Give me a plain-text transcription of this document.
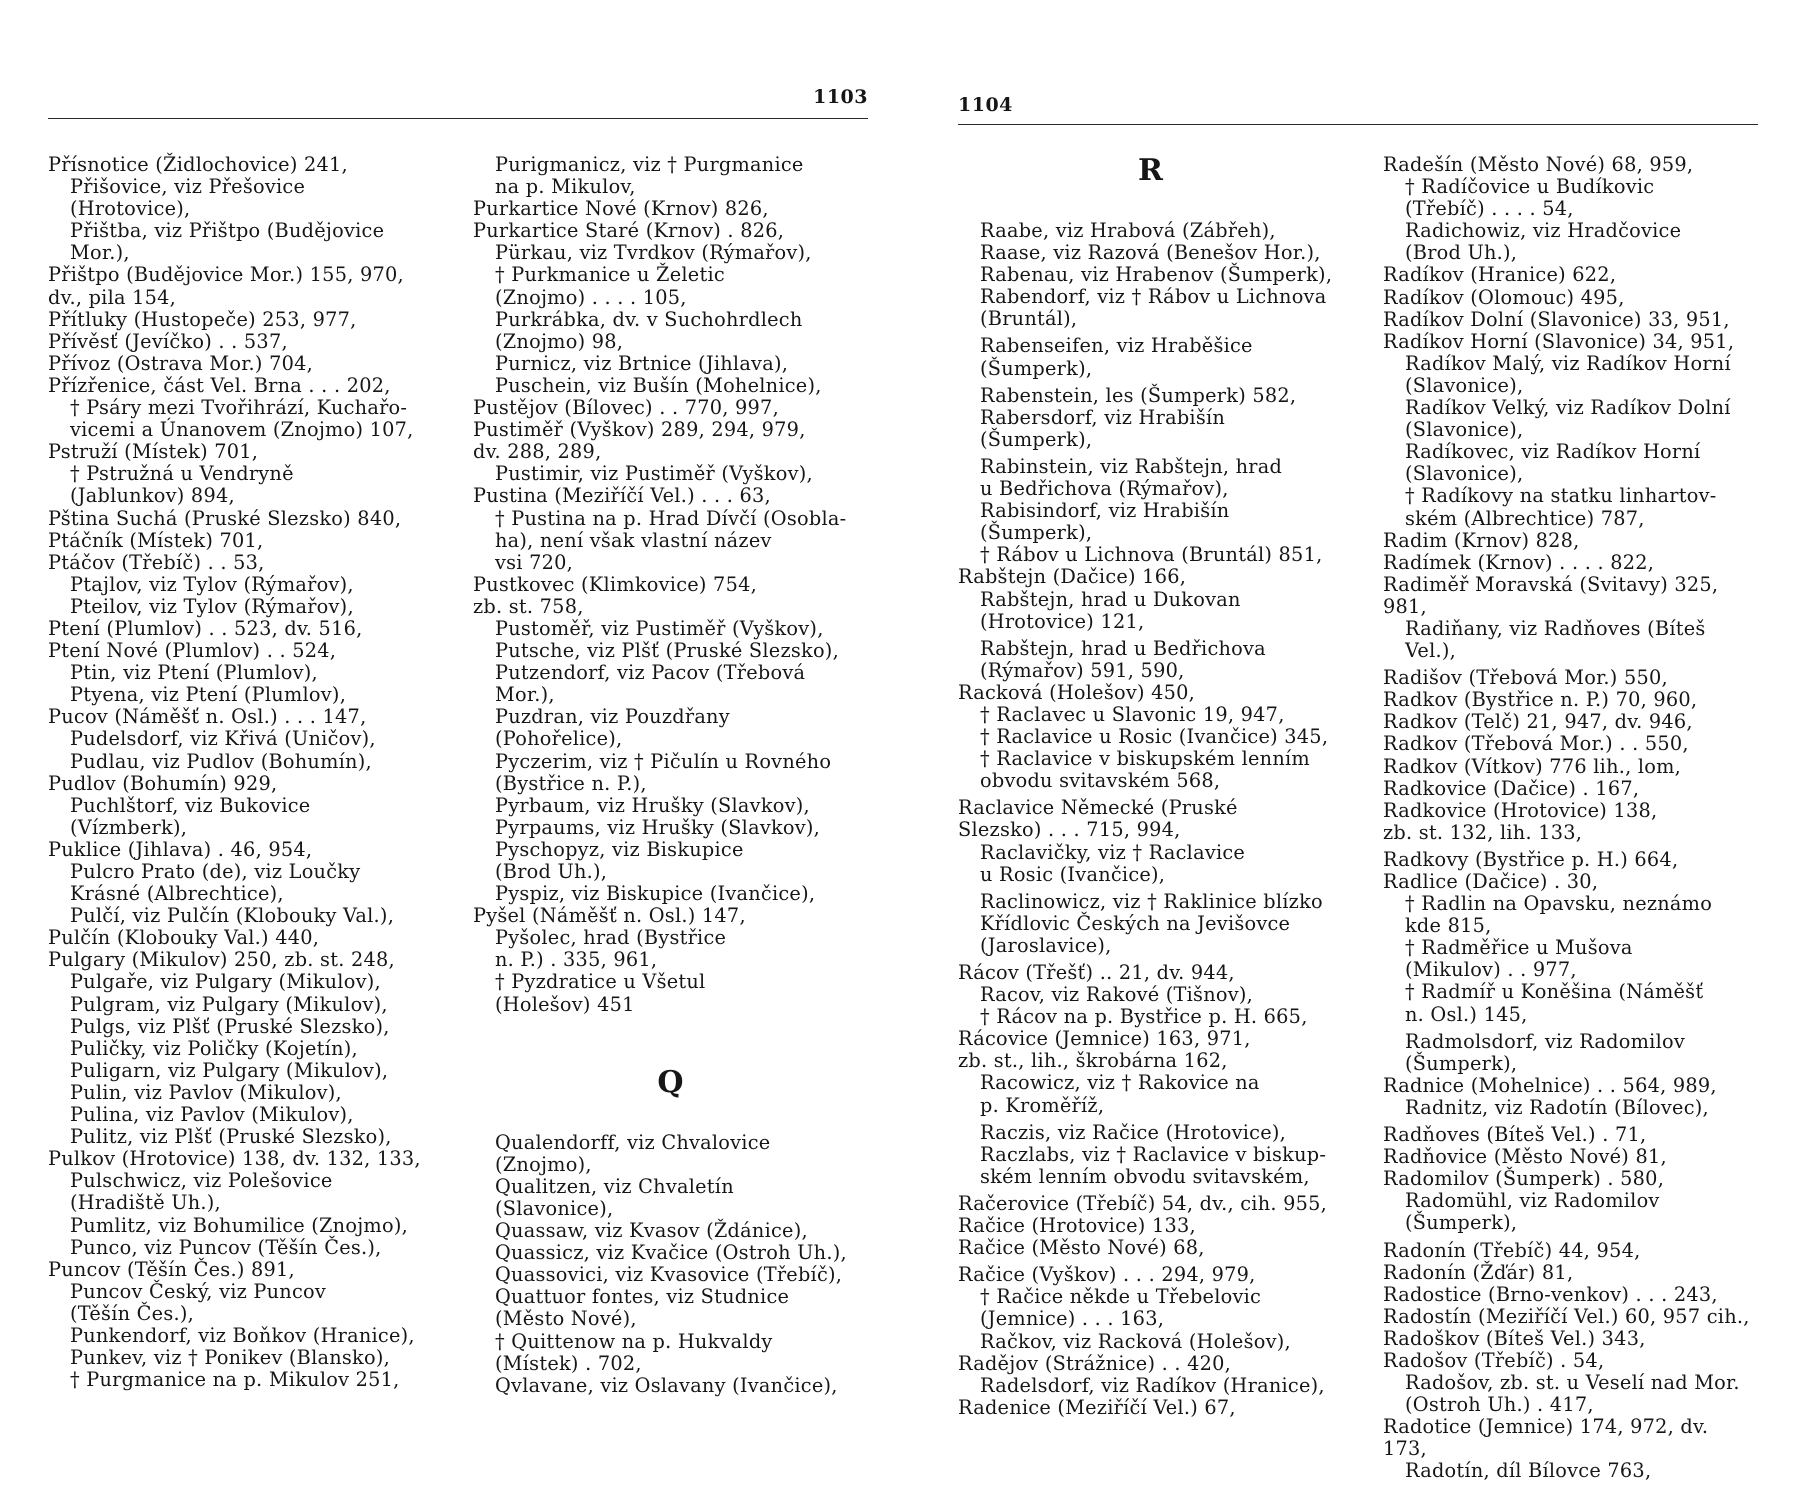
1103
Přísnotice (Židlochovice) 241,
Přišovice, viz Přešovice
(Hrotovice),
Přištba, viz Přištpo (Budějovice
Mor.),
Přištpo (Budějovice Mor.) 155, 970,
dv., pila 154,
Přítluky (Hustopeče) 253, 977,
Přívěsť (Jevíčko) . . 537,
Přívoz (Ostrava Mor.) 704,
Přízřenice, část Vel. Brna . . . 202,
† Psáry mezi Tvořihrází, Kuchařo-
vicemi a Únanovem (Znojmo) 107,
Pstruží (Místek) 701,
† Pstružná u Vendryně
(Jablunkov) 894,
Pština Suchá (Pruské Slezsko) 840,
Ptáčník (Místek) 701,
Ptáčov (Třebíč) . . 53,
Ptajlov, viz Tylov (Rýmařov),
Pteilov, viz Tylov (Rýmařov),
Ptení (Plumlov) . . 523, dv. 516,
Ptení Nové (Plumlov) . . 524,
Ptin, viz Ptení (Plumlov),
Ptyena, viz Ptení (Plumlov),
Pucov (Náměšť n. Osl.) . . . 147,
Pudelsdorf, viz Křivá (Uničov),
Pudlau, viz Pudlov (Bohumín),
Pudlov (Bohumín) 929,
Puchlštorf, viz Bukovice
(Vízmberk),
Puklice (Jihlava) . 46, 954,
Pulcro Prato (de), viz Loučky
Krásné (Albrechtice),
Pulčí, viz Pulčín (Klobouky Val.),
Pulčín (Klobouky Val.) 440,
Pulgary (Mikulov) 250, zb. st. 248,
Pulgaře, viz Pulgary (Mikulov),
Pulgram, viz Pulgary (Mikulov),
Pulgs, viz Plšť (Pruské Slezsko),
Puličky, viz Poličky (Kojetín),
Puligarn, viz Pulgary (Mikulov),
Pulin, viz Pavlov (Mikulov),
Pulina, viz Pavlov (Mikulov),
Pulitz, viz Plšť (Pruské Slezsko),
Pulkov (Hrotovice) 138, dv. 132, 133,
Pulschwicz, viz Polešovice
(Hradiště Uh.),
Pumlitz, viz Bohumilice (Znojmo),
Punco, viz Puncov (Těšín Čes.),
Puncov (Těšín Čes.) 891,
Puncov Český, viz Puncov
(Těšín Čes.),
Punkendorf, viz Boňkov (Hranice),
Punkev, viz † Ponikev (Blansko),
† Purgmanice na p. Mikulov 251,
Purigmanicz, viz † Purgmanice
na p. Mikulov,
Purkartice Nové (Krnov) 826,
Purkartice Staré (Krnov) . 826,
Pürkau, viz Tvrdkov (Rýmařov),
† Purkmanice u Želetic
(Znojmo) . . . . 105,
Purkrábka, dv. v Suchohrdlech
(Znojmo) 98,
Purnicz, viz Brtnice (Jihlava),
Puschein, viz Bušín (Mohelnice),
Pustějov (Bílovec) . . 770, 997,
Pustiměř (Vyškov) 289, 294, 979,
dv. 288, 289,
Pustimir, viz Pustiměř (Vyškov),
Pustina (Meziříčí Vel.) . . . 63,
† Pustina na p. Hrad Dívčí (Osobla-
ha), není však vlastní název
vsi 720,
Pustkovec (Klimkovice) 754,
zb. st. 758,
Pustoměř, viz Pustiměř (Vyškov),
Putsche, viz Plšť (Pruské Slezsko),
Putzendorf, viz Pacov (Třebová
Mor.),
Puzdran, viz Pouzdřany
(Pohořelice),
Pyczerim, viz † Pičulín u Rovného
(Bystřice n. P.),
Pyrbaum, viz Hrušky (Slavkov),
Pyrpaums, viz Hrušky (Slavkov),
Pyschopyz, viz Biskupice
(Brod Uh.),
Pyspiz, viz Biskupice (Ivančice),
Pyšel (Náměšť n. Osl.) 147,
Pyšolec, hrad (Bystřice
n. P.) . 335, 961,
† Pyzdratice u Všetul
(Holešov) 451
Q
Qualendorff, viz Chvalovice
(Znojmo),
Qualitzen, viz Chvaletín
(Slavonice),
Quassaw, viz Kvasov (Ždánice),
Quassicz, viz Kvačice (Ostroh Uh.),
Quassovici, viz Kvasovice (Třebíč),
Quattuor fontes, viz Studnice
(Město Nové),
† Quittenow na p. Hukvaldy
(Místek) . 702,
Qvlavane, viz Oslavany (Ivančice),
1104
R
Raabe, viz Hrabová (Zábřeh),
Raase, viz Razová (Benešov Hor.),
Rabenau, viz Hrabenov (Šumperk),
Rabendorf, viz † Rábov u Lichnova
(Bruntál),
Rabenseifen, viz Hraběšice
(Šumperk),
Rabenstein, les (Šumperk) 582,
Rabersdorf, viz Hrabišín
(Šumperk),
Rabinstein, viz Rabštejn, hrad
u Bedřichova (Rýmařov),
Rabisindorf, viz Hrabišín
(Šumperk),
† Rábov u Lichnova (Bruntál) 851,
Rabštejn (Dačice) 166,
Rabštejn, hrad u Dukovan
(Hrotovice) 121,
Rabštejn, hrad u Bedřichova
(Rýmařov) 591, 590,
Racková (Holešov) 450,
† Raclavec u Slavonic 19, 947,
† Raclavice u Rosic (Ivančice) 345,
† Raclavice v biskupském lenním
obvodu svitavském 568,
Raclavice Německé (Pruské
Slezsko) . . . 715, 994,
Raclavičky, viz † Raclavice
u Rosic (Ivančice),
Raclinowicz, viz † Raklinice blízko
Křídlovic Českých na Jevišovce
(Jaroslavice),
Rácov (Třešť) .. 21, dv. 944,
Racov, viz Rakové (Tišnov),
† Rácov na p. Bystřice p. H. 665,
Rácovice (Jemnice) 163, 971,
zb. st., lih., škrobárna 162,
Racowicz, viz † Rakovice na
p. Kroměříž,
Raczis, viz Račice (Hrotovice),
Raczlabs, viz † Raclavice v biskup-
ském lenním obvodu svitavském,
Račerovice (Třebíč) 54, dv., cih. 955,
Račice (Hrotovice) 133,
Račice (Město Nové) 68,
Račice (Vyškov) . . . 294, 979,
† Račice někde u Třebelovic
(Jemnice) . . . 163,
Račkov, viz Racková (Holešov),
Radějov (Strážnice) . . 420,
Radelsdorf, viz Radíkov (Hranice),
Radenice (Meziříčí Vel.) 67,
Radešín (Město Nové) 68, 959,
† Radíčovice u Budíkovic
(Třebíč) . . . . 54,
Radichowiz, viz Hradčovice
(Brod Uh.),
Radíkov (Hranice) 622,
Radíkov (Olomouc) 495,
Radíkov Dolní (Slavonice) 33, 951,
Radíkov Horní (Slavonice) 34, 951,
Radíkov Malý, viz Radíkov Horní
(Slavonice),
Radíkov Velký, viz Radíkov Dolní
(Slavonice),
Radíkovec, viz Radíkov Horní
(Slavonice),
† Radíkovy na statku linhartov-
ském (Albrechtice) 787,
Radim (Krnov) 828,
Radímek (Krnov) . . . . 822,
Radiměř Moravská (Svitavy) 325, 981,
Radiňany, viz Radňoves (Bíteš
Vel.),
Radišov (Třebová Mor.) 550,
Radkov (Bystřice n. P.) 70, 960,
Radkov (Telč) 21, 947, dv. 946,
Radkov (Třebová Mor.) . . 550,
Radkov (Vítkov) 776 lih., lom,
Radkovice (Dačice) . 167,
Radkovice (Hrotovice) 138,
zb. st. 132, lih. 133,
Radkovy (Bystřice p. H.) 664,
Radlice (Dačice) . 30,
† Radlin na Opavsku, neznámo
kde 815,
† Radměřice u Mušova
(Mikulov) . . 977,
† Radmíř u Koněšina (Náměšť
n. Osl.) 145,
Radmolsdorf, viz Radomilov
(Šumperk),
Radnice (Mohelnice) . . 564, 989,
Radnitz, viz Radotín (Bílovec),
Radňoves (Bíteš Vel.) . 71,
Radňovice (Město Nové) 81,
Radomilov (Šumperk) . 580,
Radomühl, viz Radomilov
(Šumperk),
Radonín (Třebíč) 44, 954,
Radonín (Žďár) 81,
Radostice (Brno-venkov) . . . 243,
Radostín (Meziříčí Vel.) 60, 957 cih.,
Radoškov (Bíteš Vel.) 343,
Radošov (Třebíč) . 54,
Radošov, zb. st. u Veselí nad Mor.
(Ostroh Uh.) . 417,
Radotice (Jemnice) 174, 972, dv. 173,
Radotín, díl Bílovce 763,
